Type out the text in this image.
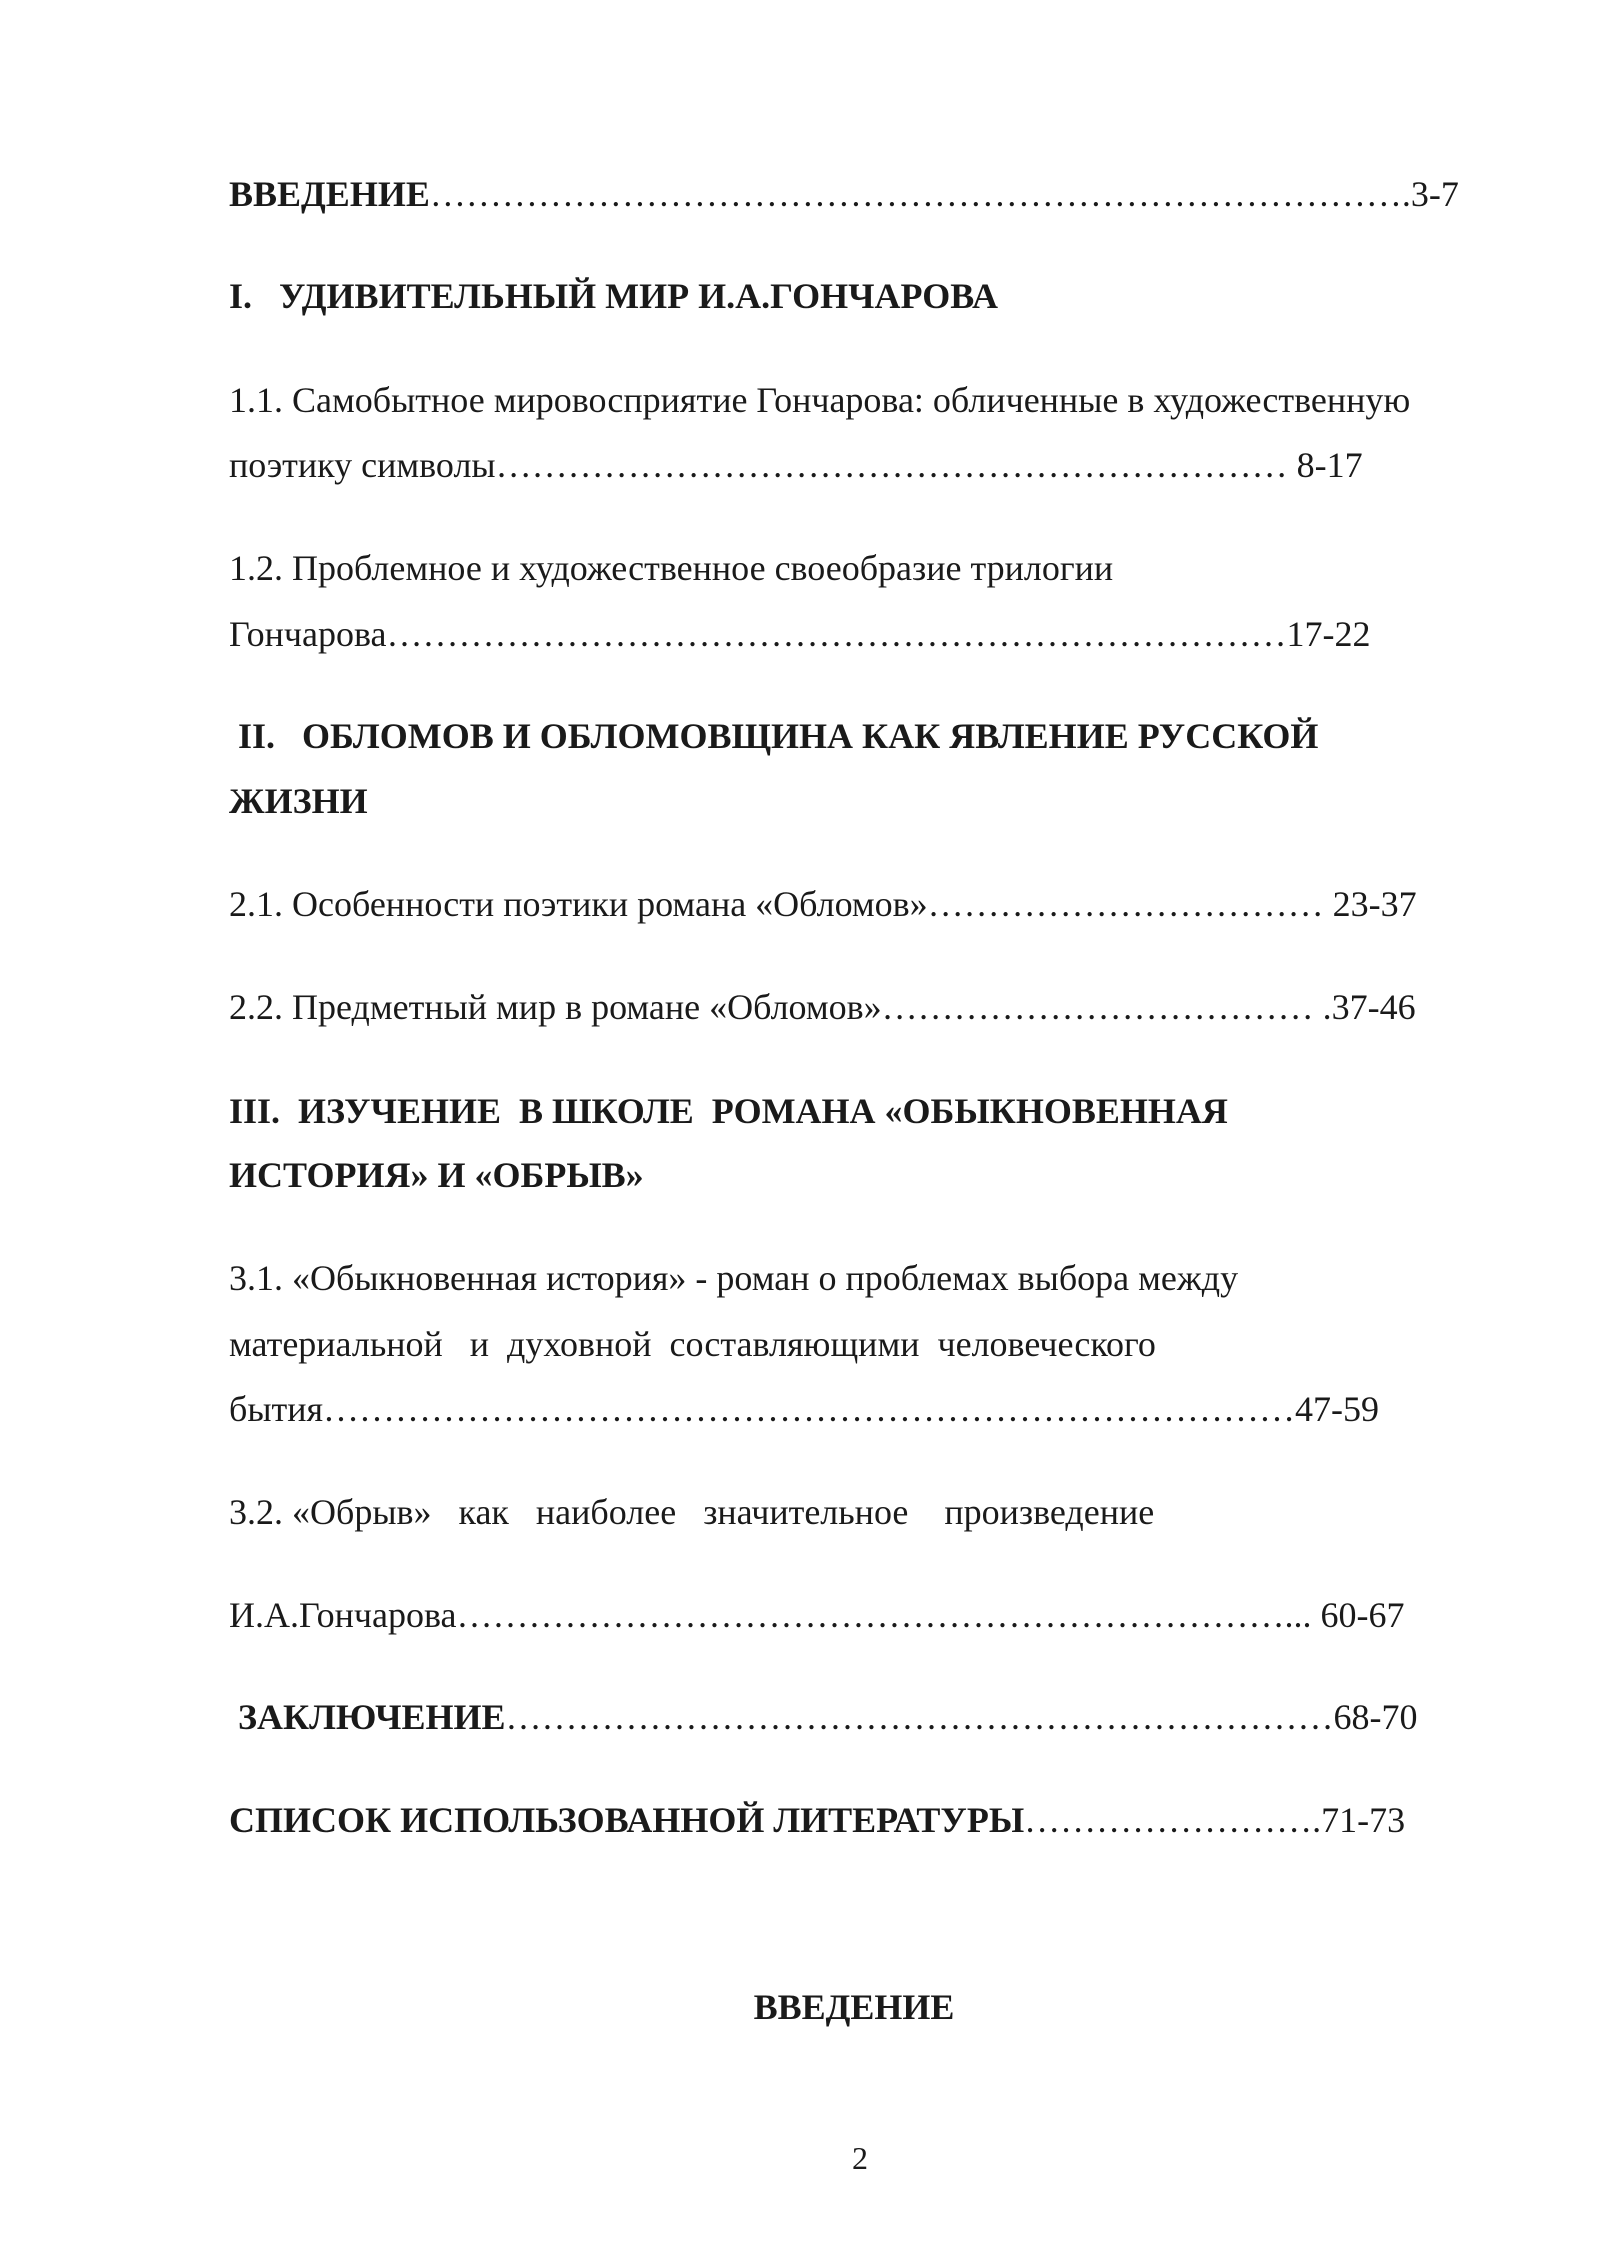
ВВЕДЕНИЕ……………………………………………………………………….3-7
I.   УДИВИТЕЛЬНЫЙ МИР И.А.ГОНЧАРОВА
1.1. Самобытное мировосприятие Гончарова: обличенные в художественную
поэтику символы………………………………………………………… 8-17
1.2. Проблемное и художественное своеобразие трилогии
Гончарова…………………………………………………………………17-22
II.   ОБЛОМОВ И ОБЛОМОВЩИНА КАК ЯВЛЕНИЕ РУССКОЙ
ЖИЗНИ
2.1. Особенности поэтики романа «Обломов»…………………………… 23-37
2.2. Предметный мир в романе «Обломов»……………………………… .37-46
III.  ИЗУЧЕНИЕ  В ШКОЛЕ  РОМАНА «ОБЫКНОВЕННАЯ
ИСТОРИЯ» И «ОБРЫВ»
3.1. «Обыкновенная история» - роман о проблемах выбора между
материальной   и  духовной  составляющими  человеческого
бытия………………………………………………………………………47-59
3.2. «Обрыв»   как   наиболее   значительное    произведение
И.А.Гончарова……………………………………………………………... 60-67
ЗАКЛЮЧЕНИЕ……………………………………………………………68-70
СПИСОК ИСПОЛЬЗОВАННОЙ ЛИТЕРАТУРЫ…………………….71-73
ВВЕДЕНИЕ
2
